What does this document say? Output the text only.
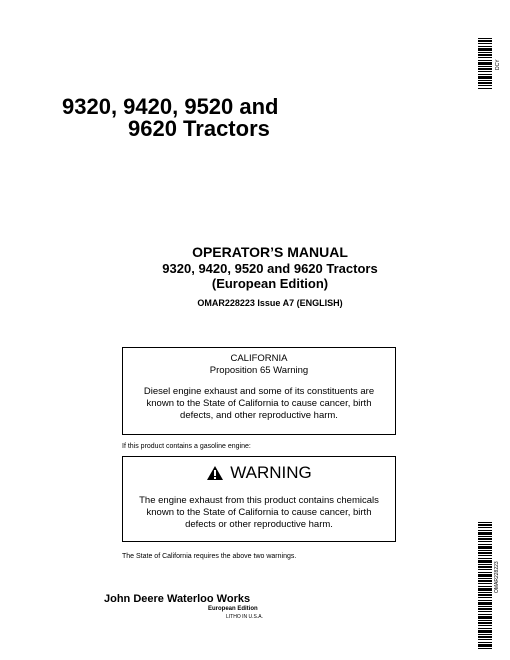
DCY
9320, 9420, 9520 and
9620 Tractors
OPERATOR’S MANUAL
9320, 9420, 9520 and 9620 Tractors
(European Edition)
OMAR228223 Issue A7 (ENGLISH)
CALIFORNIA
Proposition 65 Warning
Diesel engine exhaust and some of its constituents are
known to the State of California to cause cancer, birth
defects, and other reproductive harm.
If this product contains a gasoline engine:
WARNING
The engine exhaust from this product contains chemicals
known to the State of California to cause cancer, birth
defects or other reproductive harm.
The State of California requires the above two warnings.
John Deere Waterloo Works
European Edition
LITHO IN U.S.A.
OMAR228223
